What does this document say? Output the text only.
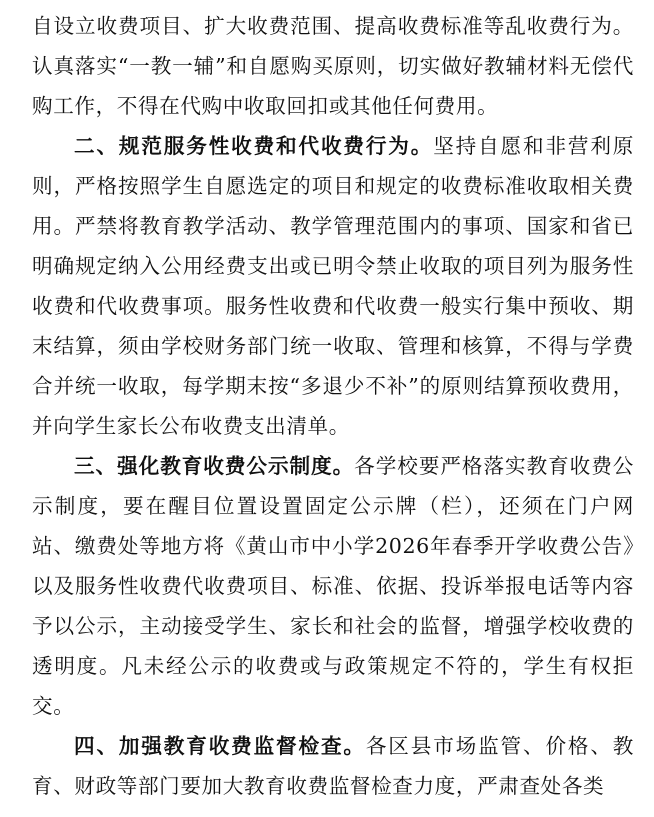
自设立收费项目、扩大收费范围、提高收费标准等乱收费行为。认真落实“一教一辅”和自愿购买原则，切实做好教辅材料无偿代购工作，不得在代购中收取回扣或其他任何费用。

二、规范服务性收费和代收费行为。坚持自愿和非营利原则，严格按照学生自愿选定的项目和规定的收费标准收取相关费用。严禁将教育教学活动、教学管理范围内的事项、国家和省已明确规定纳入公用经费支出或已明令禁止收取的项目列为服务性收费和代收费事项。服务性收费和代收费一般实行集中预收、期末结算，须由学校财务部门统一收取、管理和核算，不得与学费合并统一收取，每学期末按“多退少不补”的原则结算预收费用，并向学生家长公布收费支出清单。

三、强化教育收费公示制度。各学校要严格落实教育收费公示制度，要在醒目位置设置固定公示牌（栏），还须在门户网站、缴费处等地方将《黄山市中小学2026年春季开学收费公告》以及服务性收费代收费项目、标准、依据、投诉举报电话等内容予以公示，主动接受学生、家长和社会的监督，增强学校收费的透明度。凡未经公示的收费或与政策规定不符的，学生有权拒交。

四、加强教育收费监督检查。各区县市场监管、价格、教育、财政等部门要加大教育收费监督检查力度，严肃查处各类
